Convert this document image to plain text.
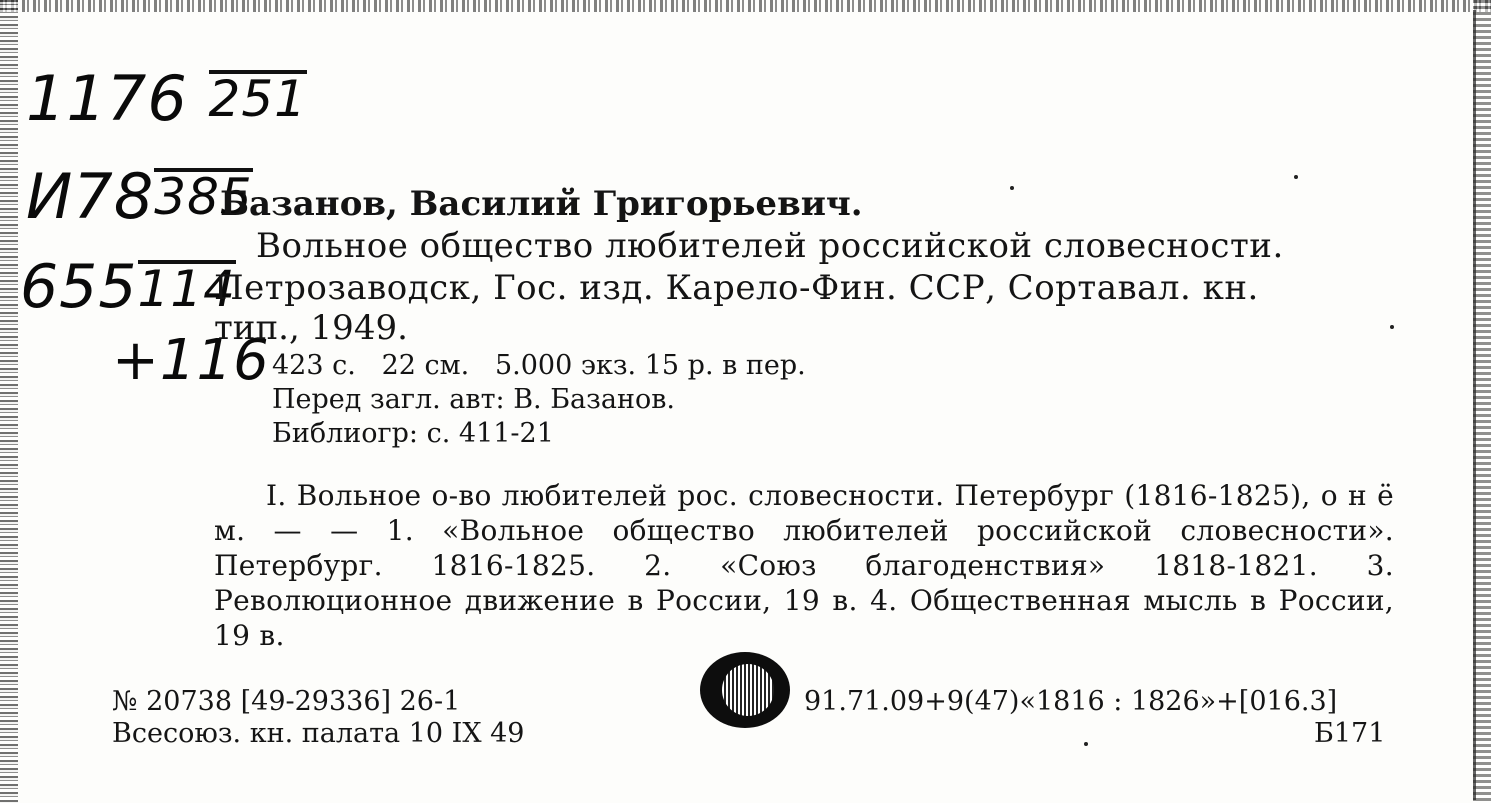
1176 251
И78 385
655 114
+116
Базанов, Василий Григорьевич.
Вольное общество любителей российской словесности.
Петрозаводск, Гос. изд. Карело-Фин. ССР, Сортавал. кн.
тип., 1949.
423 с.   22 см.   5.000 экз. 15 р. в пер.
Перед загл. авт: В. Базанов.
Библиогр: с. 411-21
I. Вольное о-во любителей рос. словесности. Петербург (1816-1825), о н ё м. — — 1. «Вольное общество любителей российской словесности». Петербург. 1816-1825. 2. «Союз благоденствия» 1818-1821. 3. Революционное движение в России, 19 в. 4. Общественная мысль в России, 19 в.
№ 20738 [49-29336] 26-1
Всесоюз. кн. палата 10 IX 49
91.71.09+9(47)«1816 : 1826»+[016.3]
Б171
